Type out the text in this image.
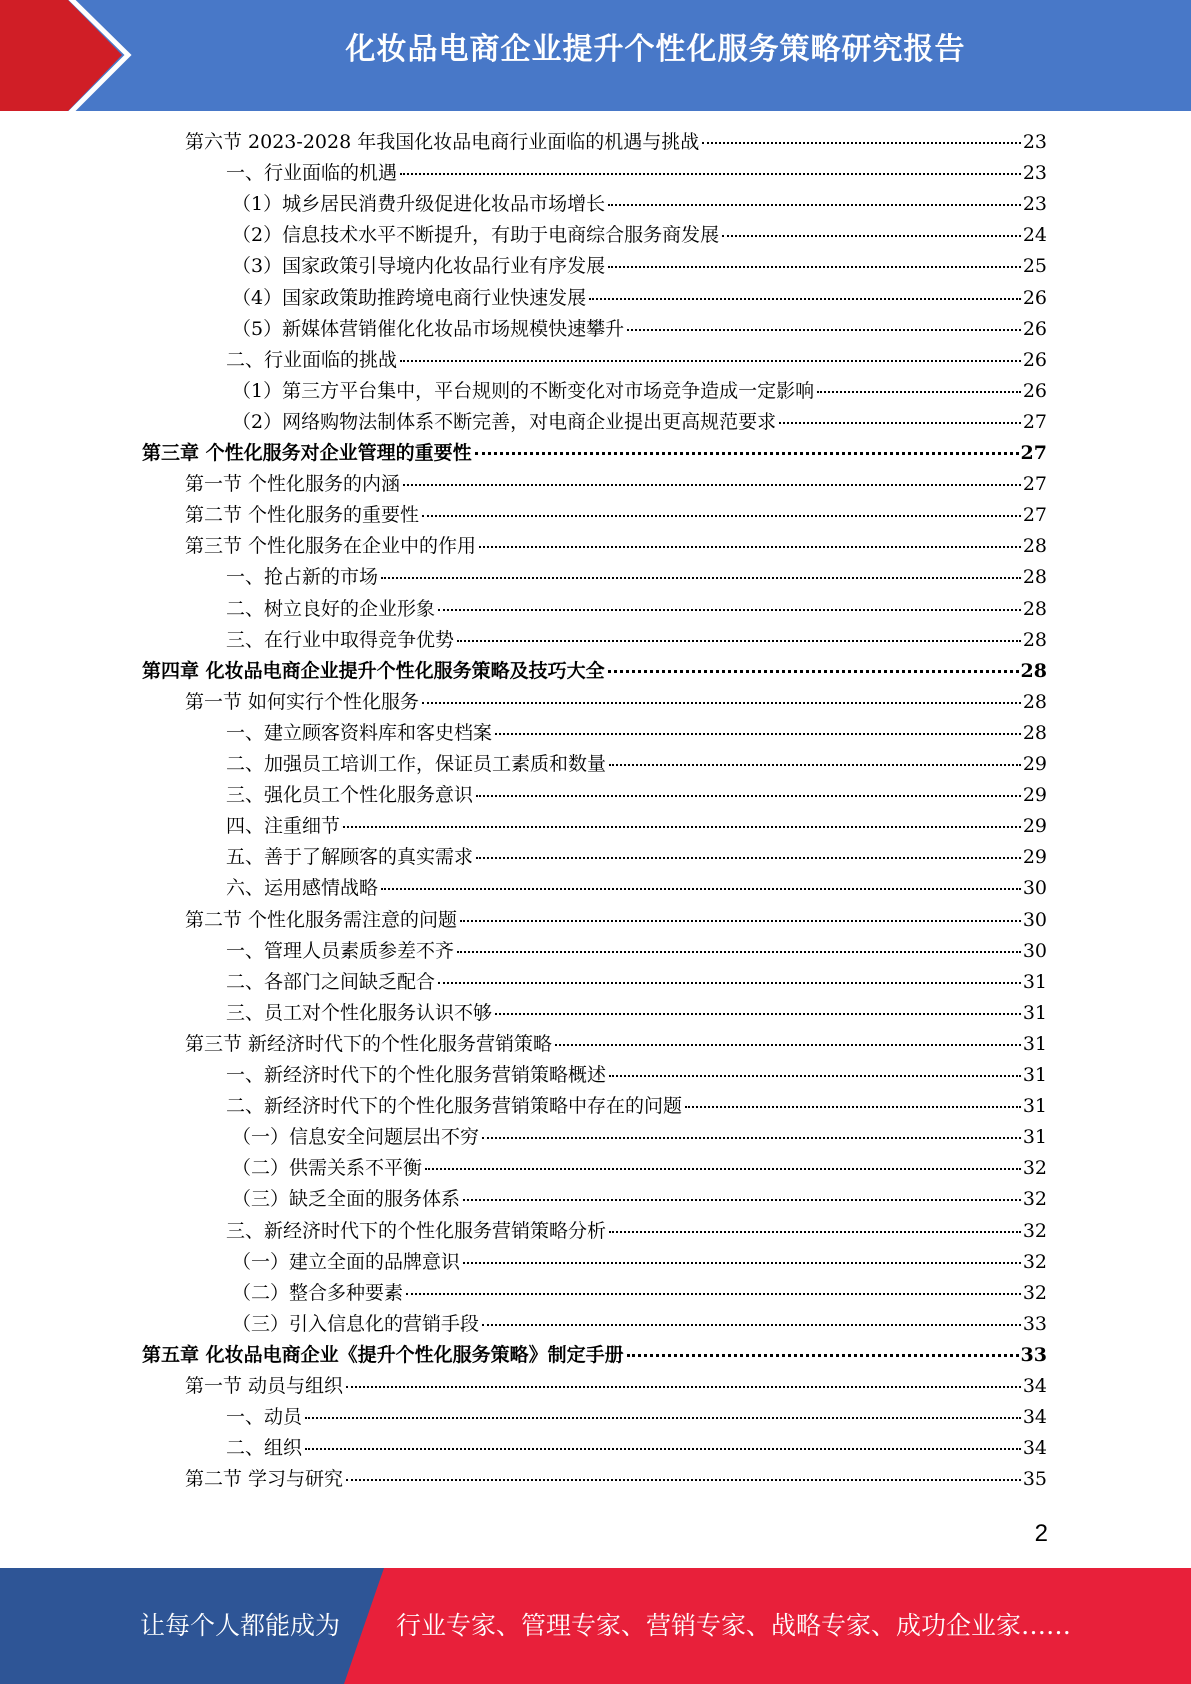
化妆品电商企业提升个性化服务策略研究报告
第六节 2023-2028 年我国化妆品电商行业面临的机遇与挑战	23
一、行业面临的机遇	23
（1）城乡居民消费升级促进化妆品市场增长	23
（2）信息技术水平不断提升，有助于电商综合服务商发展	24
（3）国家政策引导境内化妆品行业有序发展	25
（4）国家政策助推跨境电商行业快速发展	26
（5）新媒体营销催化化妆品市场规模快速攀升	26
二、行业面临的挑战	26
（1）第三方平台集中，平台规则的不断变化对市场竞争造成一定影响	26
（2）网络购物法制体系不断完善，对电商企业提出更高规范要求	27
第三章 个性化服务对企业管理的重要性	27
第一节 个性化服务的内涵	27
第二节 个性化服务的重要性	27
第三节 个性化服务在企业中的作用	28
一、抢占新的市场	28
二、树立良好的企业形象	28
三、在行业中取得竞争优势	28
第四章 化妆品电商企业提升个性化服务策略及技巧大全	28
第一节 如何实行个性化服务	28
一、建立顾客资料库和客史档案	28
二、加强员工培训工作，保证员工素质和数量	29
三、强化员工个性化服务意识	29
四、注重细节	29
五、善于了解顾客的真实需求	29
六、运用感情战略	30
第二节 个性化服务需注意的问题	30
一、管理人员素质参差不齐	30
二、各部门之间缺乏配合	31
三、员工对个性化服务认识不够	31
第三节 新经济时代下的个性化服务营销策略	31
一、新经济时代下的个性化服务营销策略概述	31
二、新经济时代下的个性化服务营销策略中存在的问题	31
（一）信息安全问题层出不穷	31
（二）供需关系不平衡	32
（三）缺乏全面的服务体系	32
三、新经济时代下的个性化服务营销策略分析	32
（一）建立全面的品牌意识	32
（二）整合多种要素	32
（三）引入信息化的营销手段	33
第五章 化妆品电商企业《提升个性化服务策略》制定手册	33
第一节 动员与组织	34
一、动员	34
二、组织	34
第二节 学习与研究	35
2
让每个人都能成为 行业专家、管理专家、营销专家、战略专家、成功企业家……
